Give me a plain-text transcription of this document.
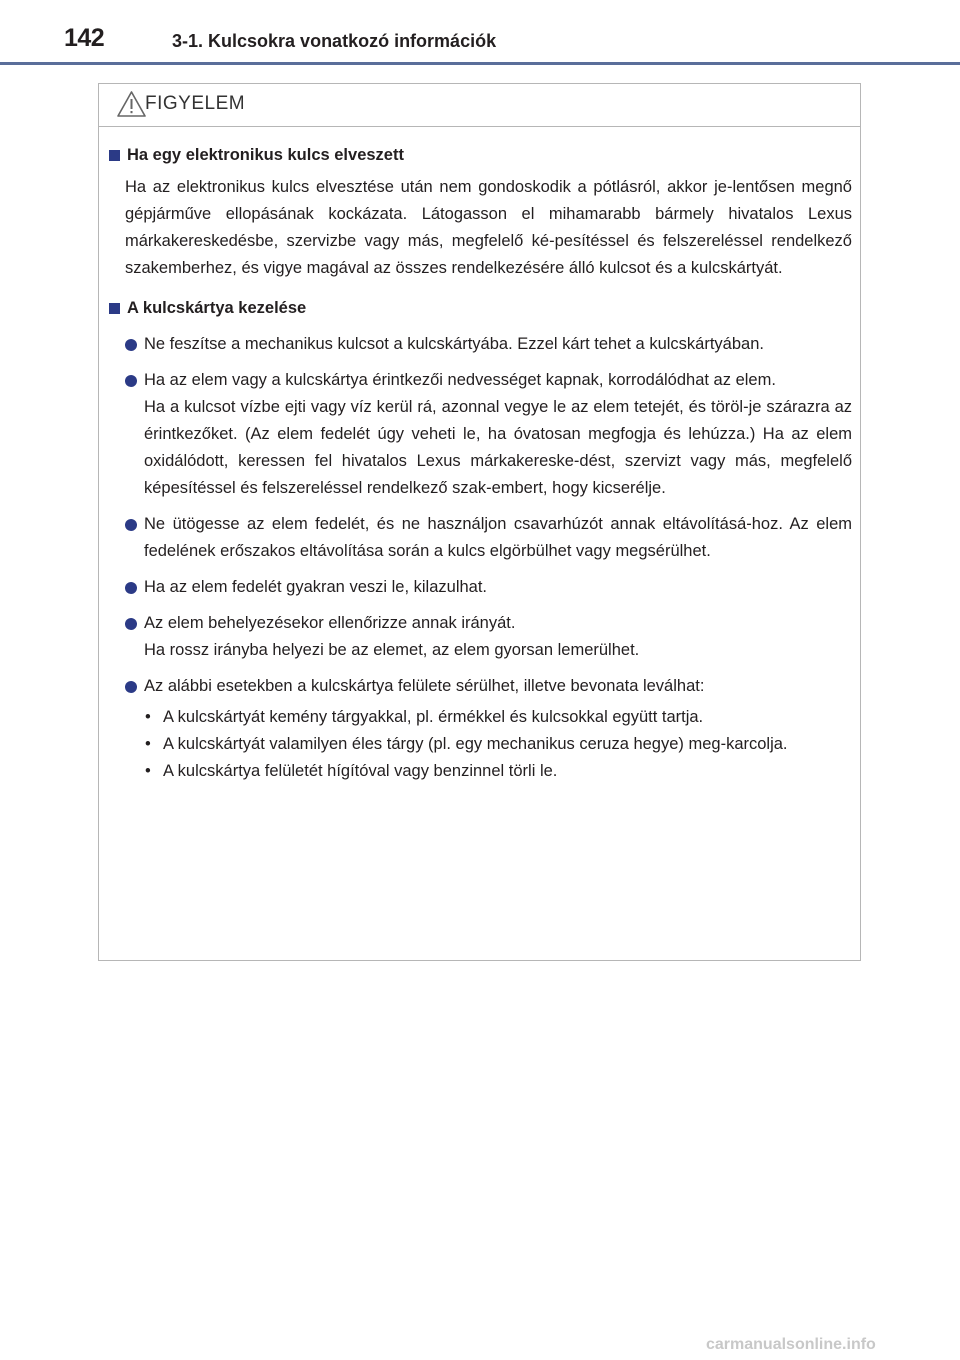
142	3-1. Kulcsokra vonatkozó információk
FIGYELEM
Ha egy elektronikus kulcs elveszett
Ha az elektronikus kulcs elvesztése után nem gondoskodik a pótlásról, akkor je-lentősen megnő gépjárműve ellopásának kockázata. Látogasson el mihamarabb bármely hivatalos Lexus márkakereskedésbe, szervizbe vagy más, megfelelő ké-pesítéssel és felszereléssel rendelkező szakemberhez, és vigye magával az összes rendelkezésére álló kulcsot és a kulcskártyát.
A kulcskártya kezelése
Ne feszítse a mechanikus kulcsot a kulcskártyába. Ezzel kárt tehet a kulcskártyában.
Ha az elem vagy a kulcskártya érintkezői nedvességet kapnak, korrodálódhat az elem.
Ha a kulcsot vízbe ejti vagy víz kerül rá, azonnal vegye le az elem tetejét, és töröl-je szárazra az érintkezőket. (Az elem fedelét úgy veheti le, ha óvatosan megfogja és lehúzza.) Ha az elem oxidálódott, keressen fel hivatalos Lexus márkakereske-dést, szervizt vagy más, megfelelő képesítéssel és felszereléssel rendelkező szak-embert, hogy kicserélje.
Ne ütögesse az elem fedelét, és ne használjon csavarhúzót annak eltávolításá-hoz. Az elem fedelének erőszakos eltávolítása során a kulcs elgörbülhet vagy megsérülhet.
Ha az elem fedelét gyakran veszi le, kilazulhat.
Az elem behelyezésekor ellenőrizze annak irányát.
Ha rossz irányba helyezi be az elemet, az elem gyorsan lemerülhet.
Az alábbi esetekben a kulcskártya felülete sérülhet, illetve bevonata leválhat:
• A kulcskártyát kemény tárgyakkal, pl. érmékkel és kulcsokkal együtt tartja.
• A kulcskártyát valamilyen éles tárgy (pl. egy mechanikus ceruza hegye) meg-karcolja.
• A kulcskártya felületét hígítóval vagy benzinnel törli le.
carmanualsonline.info
